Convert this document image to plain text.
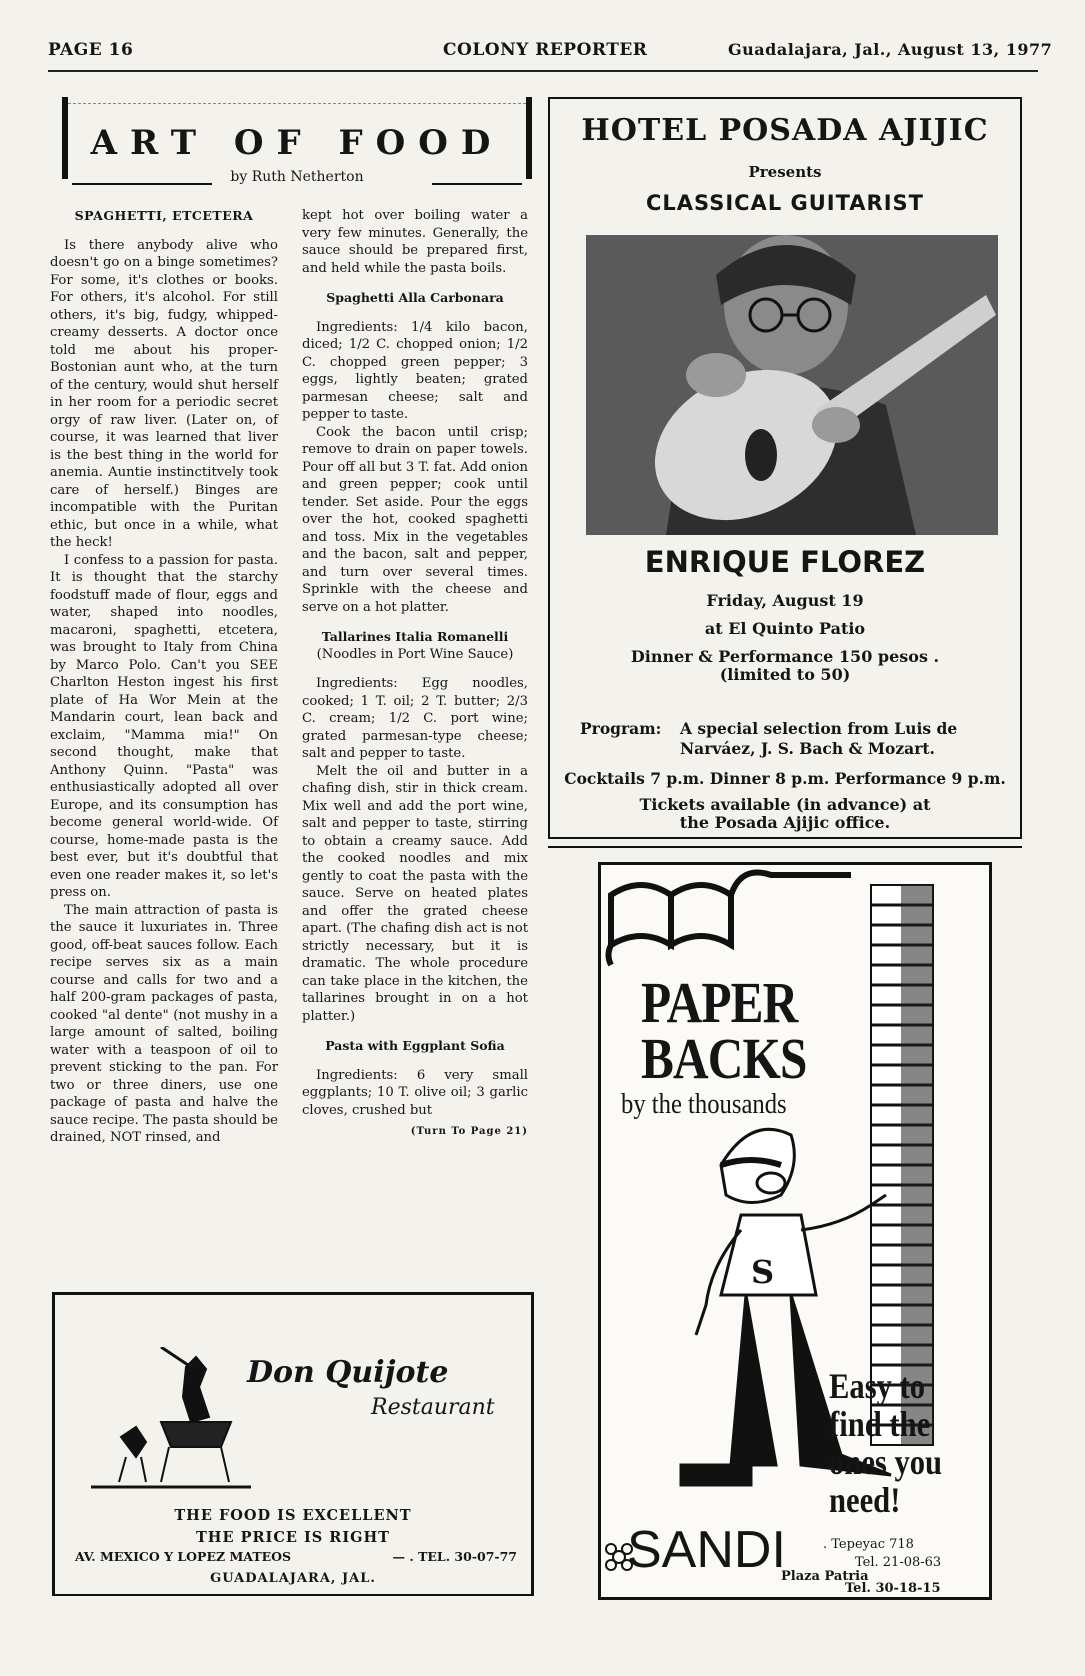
PAGE 16	COLONY REPORTER	Guadalajara, Jal., August 13, 1977
ART OF FOOD
by Ruth Netherton

SPAGHETTI, ETCETERA

Is there anybody alive who doesn't go on a binge sometimes? For some, it's clothes or books. For others, it's alcohol. For still others, it's big, fudgy, whipped-creamy desserts. A doctor once told me about his proper-Bostonian aunt who, at the turn of the century, would shut herself in her room for a periodic secret orgy of raw liver. (Later on, of course, it was learned that liver is the best thing in the world for anemia. Auntie instinctitvely took care of herself.) Binges are incompatible with the Puritan ethic, but once in a while, what the heck!

I confess to a passion for pasta. It is thought that the starchy foodstuff made of flour, eggs and water, shaped into noodles, macaroni, spaghetti, etcetera, was brought to Italy from China by Marco Polo. Can't you SEE Charlton Heston ingest his first plate of Ha Wor Mein at the Mandarin court, lean back and exclaim, "Mamma mia!" On second thought, make that Anthony Quinn. "Pasta" was enthusiastically adopted all over Europe, and its consumption has become general world-wide. Of course, home-made pasta is the best ever, but it's doubtful that even one reader makes it, so let's press on.

The main attraction of pasta is the sauce it luxuriates in. Three good, off-beat sauces follow. Each recipe serves six as a main course and calls for two and a half 200-gram packages of pasta, cooked "al dente" (not mushy in a large amount of salted, boiling water with a teaspoon of oil to prevent sticking to the pan. For two or three diners, use one package of pasta and halve the sauce recipe. The pasta should be drained, NOT rinsed, and

kept hot over boiling water a very few minutes. Generally, the sauce should be prepared first, and held while the pasta boils.

Spaghetti Alla Carbonara

Ingredients: 1/4 kilo bacon, diced; 1/2 C. chopped onion; 1/2 C. chopped green pepper; 3 eggs, lightly beaten; grated parmesan cheese; salt and pepper to taste.

Cook the bacon until crisp; remove to drain on paper towels. Pour off all but 3 T. fat. Add onion and green pepper; cook until tender. Set aside. Pour the eggs over the hot, cooked spaghetti and toss. Mix in the vegetables and the bacon, salt and pepper, and turn over several times. Sprinkle with the cheese and serve on a hot platter.

Tallarines Italia Romanelli

(Noodles in Port Wine Sauce)

Ingredients: Egg noodles, cooked; 1 T. oil; 2 T. butter; 2/3 C. cream; 1/2 C. port wine; grated parmesan-type cheese; salt and pepper to taste.

Melt the oil and butter in a chafing dish, stir in thick cream. Mix well and add the port wine, salt and pepper to taste, stirring to obtain a creamy sauce. Add the cooked noodles and mix gently to coat the pasta with the sauce. Serve on heated plates and offer the grated cheese apart. (The chafing dish act is not strictly necessary, but it is dramatic. The whole procedure can take place in the kitchen, the tallarines brought in on a hot platter.)

Pasta with Eggplant Sofia

Ingredients: 6 very small eggplants; 10 T. olive oil; 3 garlic cloves, crushed but

(Turn To Page 21)
HOTEL POSADA AJIJIC
Presents
CLASSICAL GUITARIST
ENRIQUE FLOREZ
Friday, August 19
at El Quinto Patio
Dinner & Performance 150 pesos .
(limited to 50)
Program:	A special selection from Luis de Narváez, J. S. Bach & Mozart.
Cocktails 7 p.m. Dinner 8 p.m. Performance 9 p.m.
Tickets available (in advance) at
the Posada Ajijic office.
PAPER
BACKS
by the thousands
S
Easy to
find the
ones you
need!
SANDI	. Tepeyac 718
Tel. 21-08-63
Plaza Patria
Tel. 30-18-15
Don Quijote
Restaurant
THE FOOD IS EXCELLENT
THE PRICE IS RIGHT
AV. MEXICO Y LOPEZ MATEOS	— . TEL. 30-07-77
GUADALAJARA, JAL.
